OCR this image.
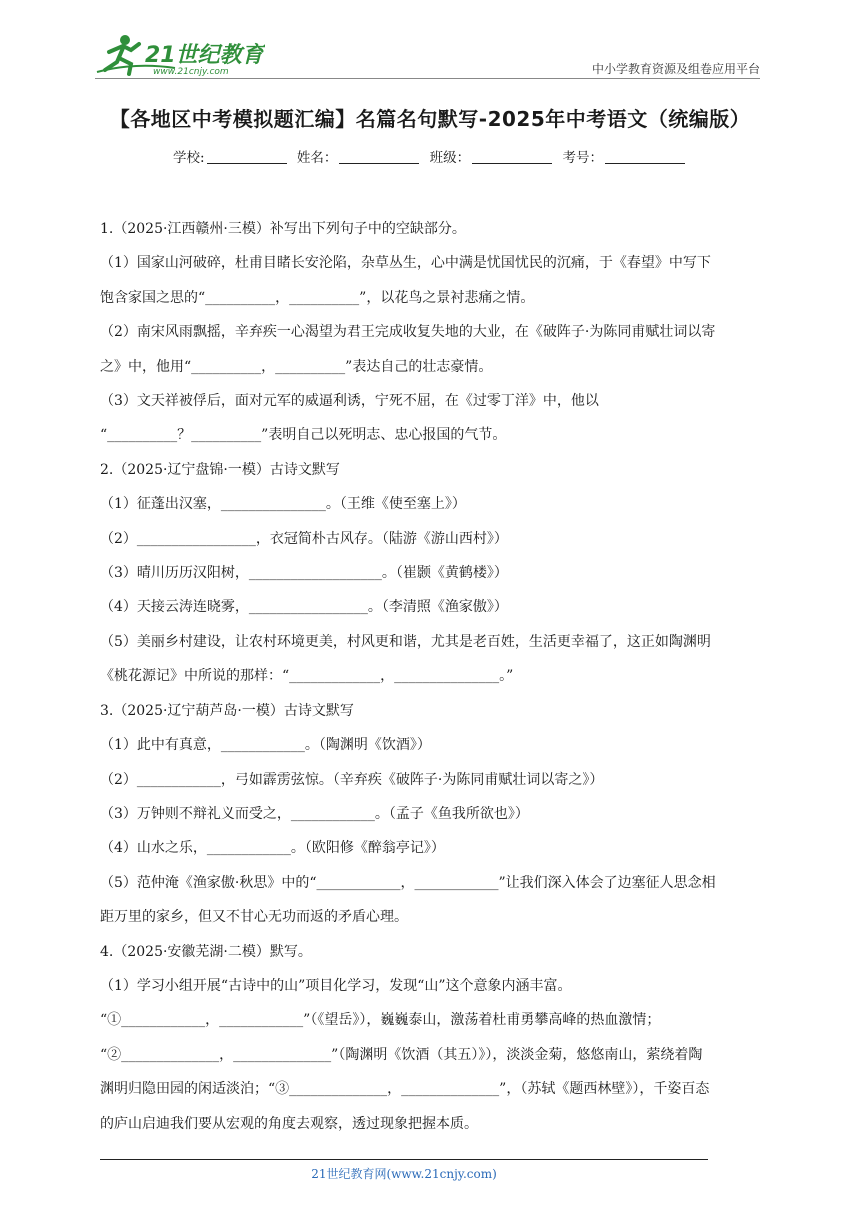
21世纪教育
www.21cnjy.com	中小学教育资源及组卷应用平台
【各地区中考模拟题汇编】名篇名句默写-2025年中考语文（统编版）
学校:	姓名：	班级：	考号：

1.（2025·江西赣州·三模）补写出下列句子中的空缺部分。

（1）国家山河破碎，杜甫目睹长安沦陷，杂草丛生，心中满是忧国忧民的沉痛，于《春望》中写下

饱含家国之思的“__________，__________”，以花鸟之景衬悲痛之情。

（2）南宋风雨飘摇，辛弃疾一心渴望为君王完成收复失地的大业，在《破阵子·为陈同甫赋壮词以寄

之》中，他用“__________，__________”表达自己的壮志豪情。

（3）文天祥被俘后，面对元军的威逼利诱，宁死不屈，在《过零丁洋》中，他以

“__________？__________”表明自己以死明志、忠心报国的气节。

2.（2025·辽宁盘锦·一模）古诗文默写

（1）征蓬出汉塞，_______________。（王维《使至塞上》）

（2）_________________，衣冠简朴古风存。（陆游《游山西村》）

（3）晴川历历汉阳树，___________________。（崔颢《黄鹤楼》）

（4）天接云涛连晓雾，_________________。（李清照《渔家傲》）

（5）美丽乡村建设，让农村环境更美，村风更和谐，尤其是老百姓，生活更幸福了，这正如陶渊明

《桃花源记》中所说的那样：“_____________，_______________。”

3.（2025·辽宁葫芦岛·一模）古诗文默写

（1）此中有真意，____________。（陶渊明《饮酒》）

（2）____________，弓如霹雳弦惊。（辛弃疾《破阵子·为陈同甫赋壮词以寄之》）

（3）万钟则不辩礼义而受之，____________。（孟子《鱼我所欲也》）

（4）山水之乐，____________。（欧阳修《醉翁亭记》）

（5）范仲淹《渔家傲·秋思》中的“____________，____________”让我们深入体会了边塞征人思念相

距万里的家乡，但又不甘心无功而返的矛盾心理。

4.（2025·安徽芜湖·二模）默写。

（1）学习小组开展“古诗中的山”项目化学习，发现“山”这个意象内涵丰富。

“①____________，____________”（《望岳》），巍巍泰山，激荡着杜甫勇攀高峰的热血激情；

“②______________，______________”（陶渊明《饮酒（其五）》），淡淡金菊，悠悠南山，萦绕着陶

渊明归隐田园的闲适淡泊；“③______________，______________”，（苏轼《题西林壁》），千姿百态

的庐山启迪我们要从宏观的角度去观察，透过现象把握本质。

21世纪教育网(www.21cnjy.com)
